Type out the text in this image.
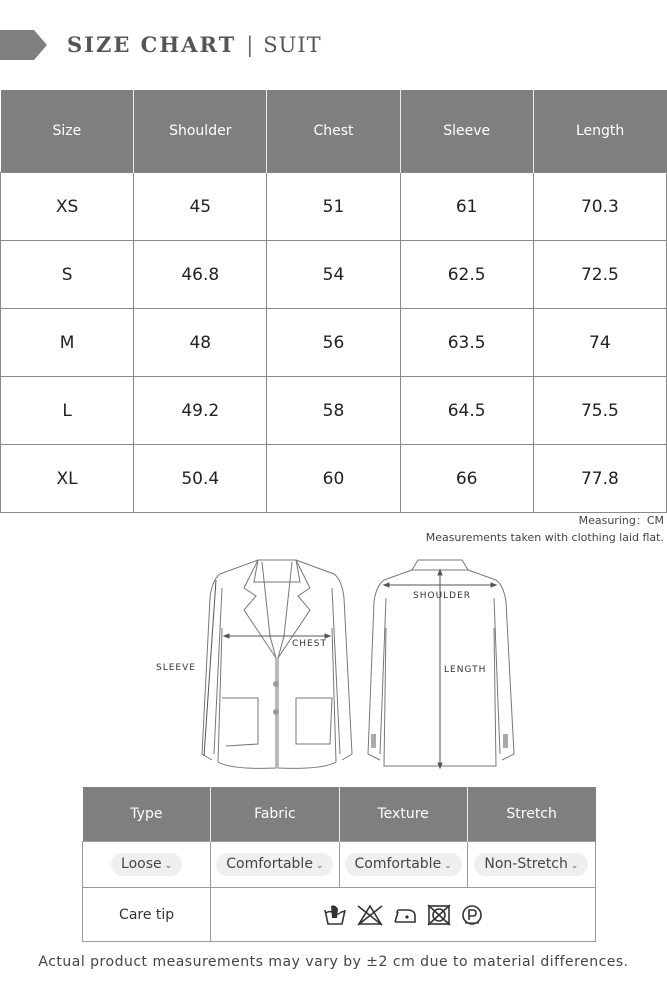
SIZE CHART | SUIT
Size	Shoulder	Chest	Sleeve	Length
XS	45	51	61	70.3
S	46.8	54	62.5	72.5
M	48	56	63.5	74
L	49.2	58	64.5	75.5
XL	50.4	60	66	77.8
Measuring：CM
Measurements taken with clothing laid flat.
CHEST
SLEEVE
SHOULDER
LENGTH
Type	Fabric	Texture	Stretch
Loose ⌄	Comfortable ⌄	Comfortable ⌄	Non-Stretch ⌄
Care tip	
Actual product measurements may vary by ±2 cm due to material differences.
